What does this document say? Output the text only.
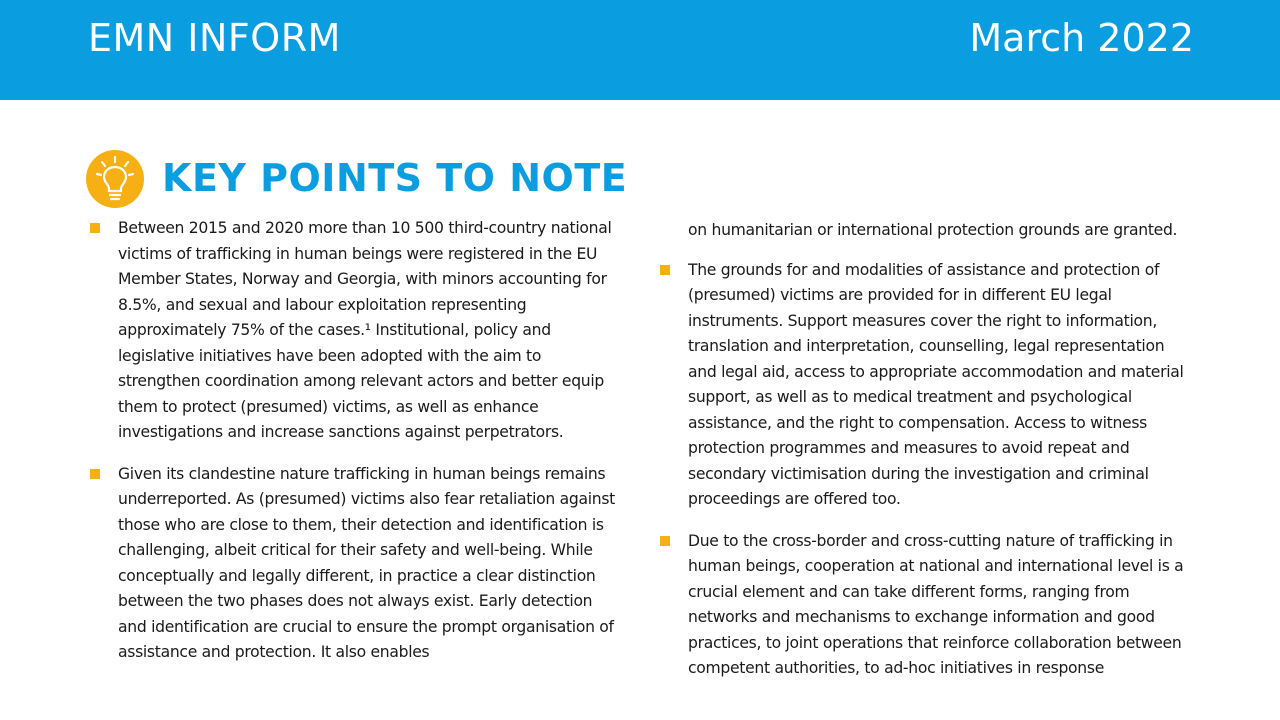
EMN INFORM	March 2022
KEY POINTS TO NOTE
Between 2015 and 2020 more than 10 500 third-country national victims of trafficking in human beings were registered in the EU Member States, Norway and Georgia, with minors accounting for 8.5%, and sexual and labour exploitation representing approximately 75% of the cases.¹ Institutional, policy and legislative initiatives have been adopted with the aim to strengthen coordination among relevant actors and better equip them to protect (presumed) victims, as well as enhance investigations and increase sanctions against perpetrators.
Given its clandestine nature trafficking in human beings remains underreported. As (presumed) victims also fear retaliation against those who are close to them, their detection and identification is challenging, albeit critical for their safety and well-being. While conceptually and legally different, in practice a clear distinction between the two phases does not always exist. Early detection and identification are crucial to ensure the prompt organisation of assistance and protection. It also enables
on humanitarian or international protection grounds are granted.
The grounds for and modalities of assistance and protection of (presumed) victims are provided for in different EU legal instruments. Support measures cover the right to information, translation and interpretation, counselling, legal representation and legal aid, access to appropriate accommodation and material support, as well as to medical treatment and psychological assistance, and the right to compensation. Access to witness protection programmes and measures to avoid repeat and secondary victimisation during the investigation and criminal proceedings are offered too.
Due to the cross-border and cross-cutting nature of trafficking in human beings, cooperation at national and international level is a crucial element and can take different forms, ranging from networks and mechanisms to exchange information and good practices, to joint operations that reinforce collaboration between competent authorities, to ad-hoc initiatives in response
